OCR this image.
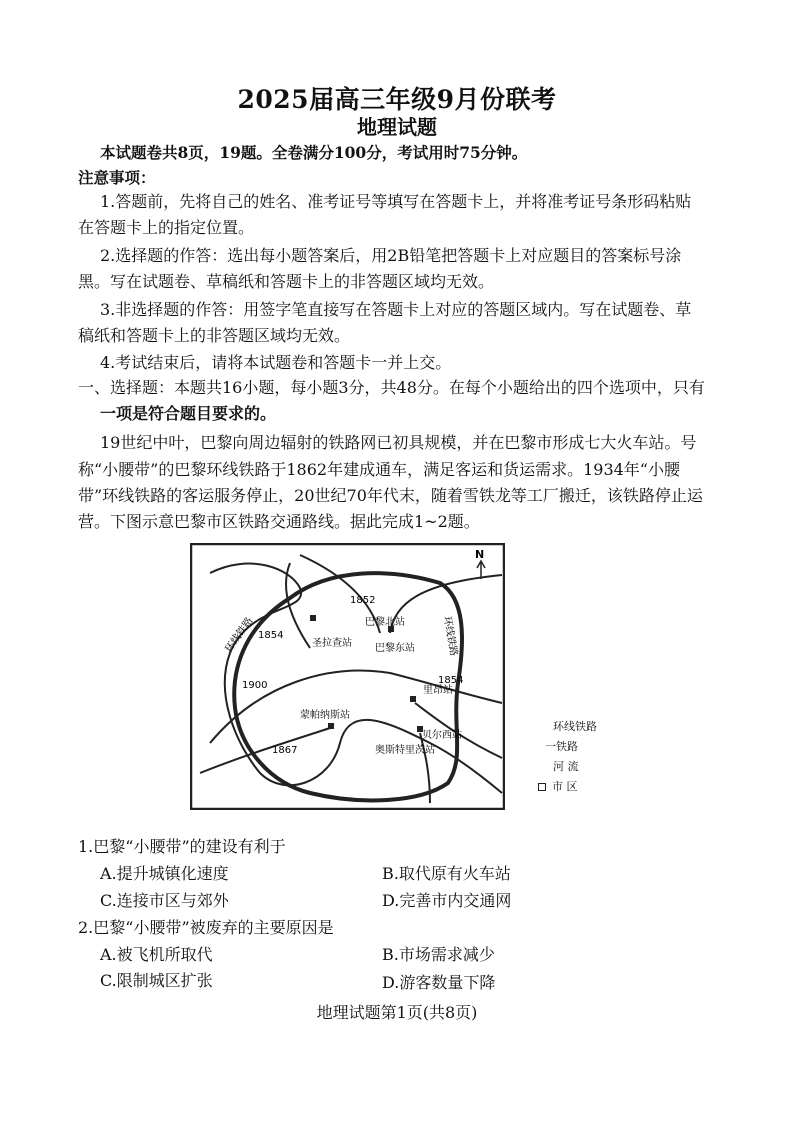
2025届高三年级9月份联考
地理试题
本试题卷共8页，19题。全卷满分100分，考试用时75分钟。
注意事项：
1.答题前，先将自己的姓名、准考证号等填写在答题卡上，并将准考证号条形码粘贴
在答题卡上的指定位置。
2.选择题的作答：选出每小题答案后，用2B铅笔把答题卡上对应题目的答案标号涂
黑。写在试题卷、草稿纸和答题卡上的非答题区域均无效。
3.非选择题的作答：用签字笔直接写在答题卡上对应的答题区域内。写在试题卷、草
稿纸和答题卡上的非答题区域均无效。
4.考试结束后，请将本试题卷和答题卡一并上交。
一、选择题：本题共16小题，每小题3分，共48分。在每个小题给出的四个选项中，只有
一项是符合题目要求的。
19世纪中叶，巴黎向周边辐射的铁路网已初具规模，并在巴黎市形成七大火车站。号
称“小腰带”的巴黎环线铁路于1862年建成通车，满足客运和货运需求。1934年“小腰
带”环线铁路的客运服务停止，20世纪70年代末，随着雪铁龙等工厂搬迁，该铁路停止运
营。下图示意巴黎市区铁路交通路线。据此完成1~2题。
N
1852
1854
1854
1900
1867
巴黎北站
圣拉查站 巴黎东站
里昂站
蒙帕纳斯站
奥斯特里茨站
贝尔西站
环线铁路	环线铁路
环线铁路
一铁路
河 流
市 区
1.巴黎“小腰带”的建设有利于
A.提升城镇化速度	B.取代原有火车站
C.连接市区与郊外	D.完善市内交通网
2.巴黎“小腰带”被废弃的主要原因是
A.被飞机所取代	B.市场需求减少
C.限制城区扩张	D.游客数量下降
地理试题第1页(共8页)
